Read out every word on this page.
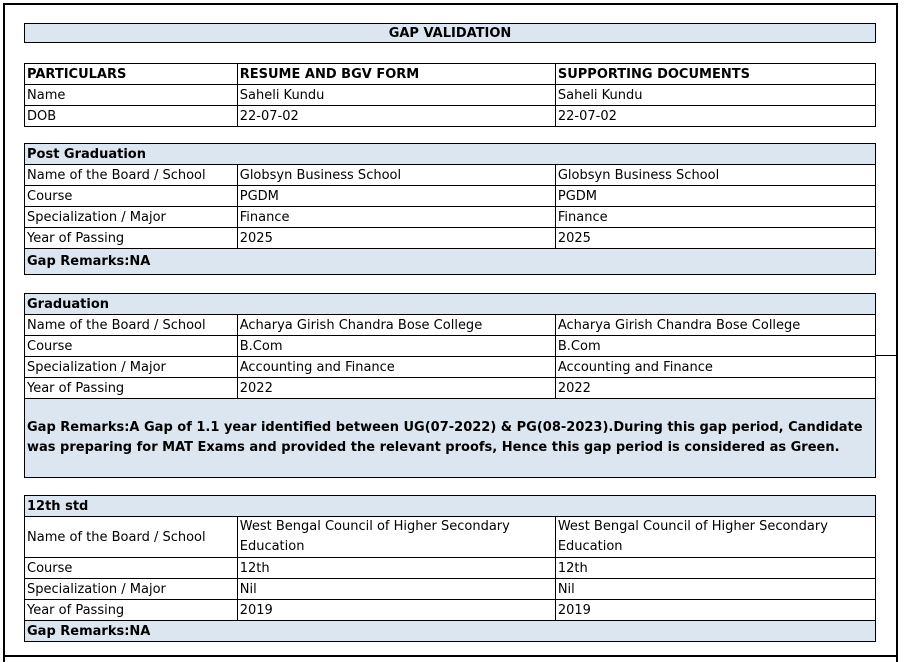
GAP VALIDATION
PARTICULARS	RESUME AND BGV FORM	SUPPORTING DOCUMENTS
Name	Saheli Kundu	Saheli Kundu
DOB	22-07-02	22-07-02
Post Graduation		
Name of the Board / School	Globsyn Business School	Globsyn Business School
Course	PGDM	PGDM
Specialization / Major	Finance	Finance
Year of Passing	2025	2025
Gap Remarks:NA		
Graduation		
Name of the Board / School	Acharya Girish Chandra Bose College	Acharya Girish Chandra Bose College
Course	B.Com	B.Com
Specialization / Major	Accounting and Finance	Accounting and Finance
Year of Passing	2022	2022
Gap Remarks:A Gap of 1.1 year identified between UG(07-2022) & PG(08-2023).During this gap period, Candidate was preparing for MAT Exams and provided the relevant proofs, Hence this gap period is considered as Green.		
12th std		
Name of the Board / School	West Bengal Council of Higher Secondary Education	West Bengal Council of Higher Secondary Education
Course	12th	12th
Specialization / Major	Nil	Nil
Year of Passing	2019	2019
Gap Remarks:NA		
